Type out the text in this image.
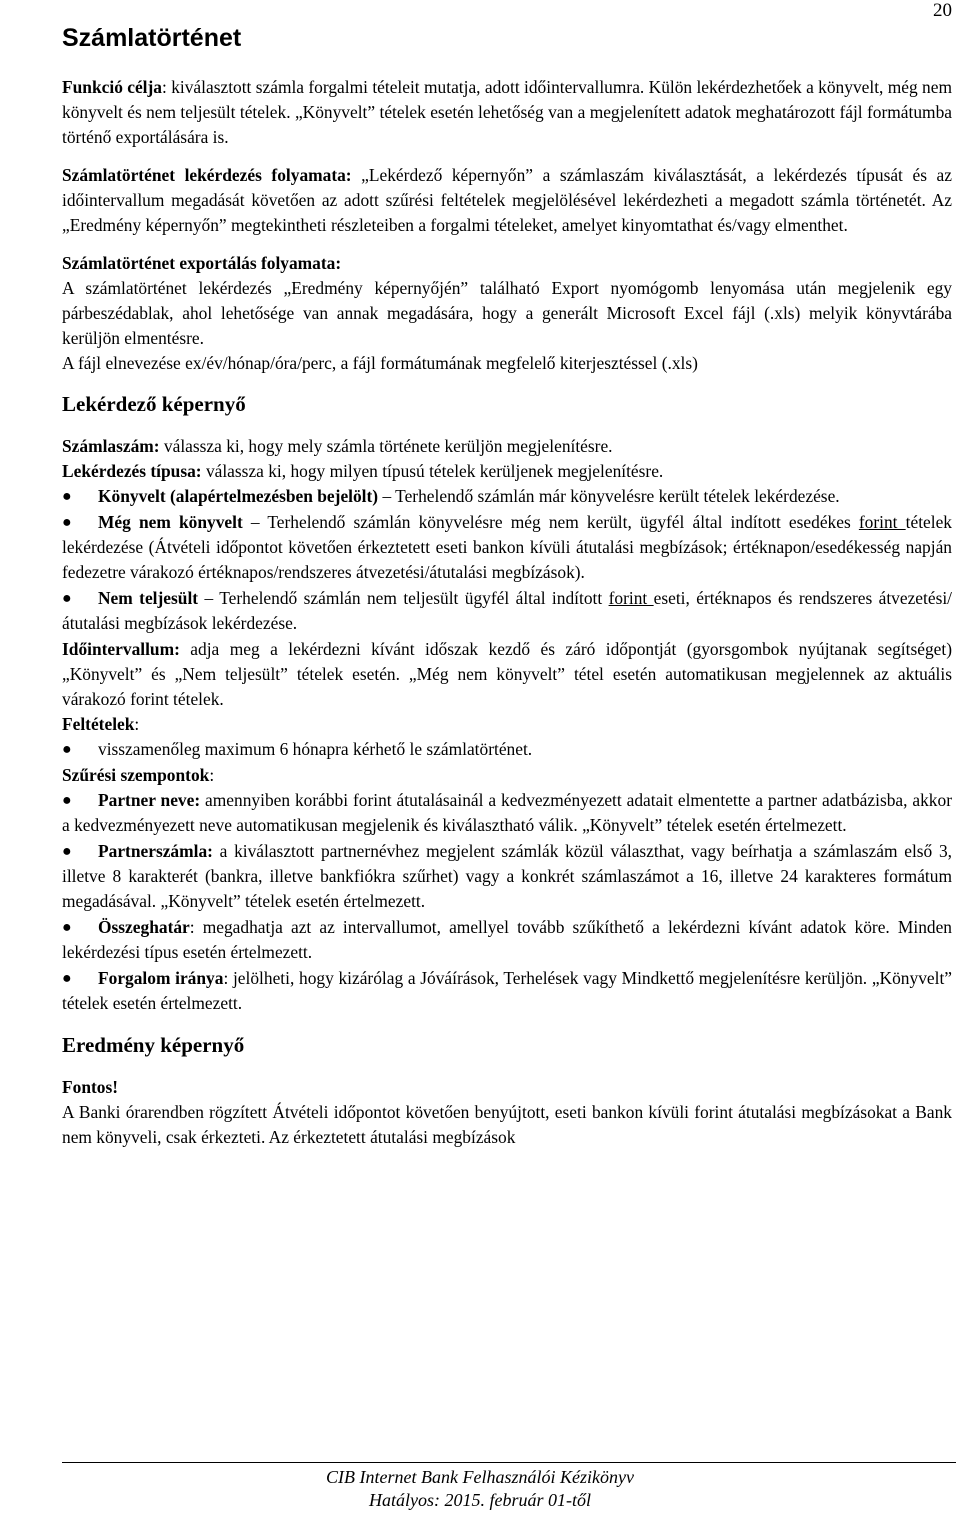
20
Számlatörténet

Funkció célja: kiválasztott számla forgalmi tételeit mutatja, adott időintervallumra. Külön lekérdezhetőek a könyvelt, még nem könyvelt és nem teljesült tételek. „Könyvelt” tételek esetén lehetőség van a megjelenített adatok meghatározott fájl formátumba történő exportálására is.

Számlatörténet lekérdezés folyamata: „Lekérdező képernyőn” a számlaszám kiválasztását, a lekérdezés típusát és az időintervallum megadását követően az adott szűrési feltételek megjelölésével lekérdezheti a megadott számla történetét. Az „Eredmény képernyőn” megtekintheti részleteiben a forgalmi tételeket, amelyet kinyomtathat és/vagy elmenthet.

Számlatörténet exportálás folyamata:

A számlatörténet lekérdezés „Eredmény képernyőjén” található Export nyomógomb lenyomása után megjelenik egy párbeszédablak, ahol lehetősége van annak megadására, hogy a generált Microsoft Excel fájl (.xls) melyik könyvtárába kerüljön elmentésre.

A fájl elnevezése ex/év/hónap/óra/perc, a fájl formátumának megfelelő kiterjesztéssel (.xls)

Lekérdező képernyő

Számlaszám: válassza ki, hogy mely számla története kerüljön megjelenítésre.

Lekérdezés típusa: válassza ki, hogy milyen típusú tételek kerüljenek megjelenítésre.

● Könyvelt (alapértelmezésben bejelölt) – Terhelendő számlán már könyvelésre került tételek lekérdezése.
● Még nem könyvelt – Terhelendő számlán könyvelésre még nem került, ügyfél által indított esedékes forint tételek lekérdezése (Átvételi időpontot követően érkeztetett eseti bankon kívüli átutalási megbízások; értéknapon/esedékesség napján fedezetre várakozó értéknapos/rendszeres átvezetési/átutalási megbízások).
● Nem teljesült – Terhelendő számlán nem teljesült ügyfél által indított forint eseti, értéknapos és rendszeres átvezetési/átutalási megbízások lekérdezése.

Időintervallum: adja meg a lekérdezni kívánt időszak kezdő és záró időpontját (gyorsgombok nyújtanak segítséget) „Könyvelt” és „Nem teljesült” tételek esetén. „Még nem könyvelt” tétel esetén automatikusan megjelennek az aktuális várakozó forint tételek.

Feltételek:

● visszamenőleg maximum 6 hónapra kérhető le számlatörténet.

Szűrési szempontok:

● Partner neve: amennyiben korábbi forint átutalásainál a kedvezményezett adatait elmentette a partner adatbázisba, akkor a kedvezményezett neve automatikusan megjelenik és kiválasztható válik. „Könyvelt” tételek esetén értelmezett.
● Partnerszámla: a kiválasztott partnernévhez megjelent számlák közül választhat, vagy beírhatja a számlaszám első 3, illetve 8 karakterét (bankra, illetve bankfiókra szűrhet) vagy a konkrét számlaszámot a 16, illetve 24 karakteres formátum megadásával. „Könyvelt” tételek esetén értelmezett.
● Összeghatár: megadhatja azt az intervallumot, amellyel tovább szűkíthető a lekérdezni kívánt adatok köre. Minden lekérdezési típus esetén értelmezett.
● Forgalom iránya: jelölheti, hogy kizárólag a Jóváírások, Terhelések vagy Mindkettő megjelenítésre kerüljön. „Könyvelt” tételek esetén értelmezett.
Eredmény képernyő

Fontos!

A Banki órarendben rögzített Átvételi időpontot követően benyújtott, eseti bankon kívüli forint átutalási megbízásokat a Bank nem könyveli, csak érkezteti. Az érkeztetett átutalási megbízások

CIB Internet Bank Felhasználói Kézikönyv
Hatályos: 2015. február 01-től
